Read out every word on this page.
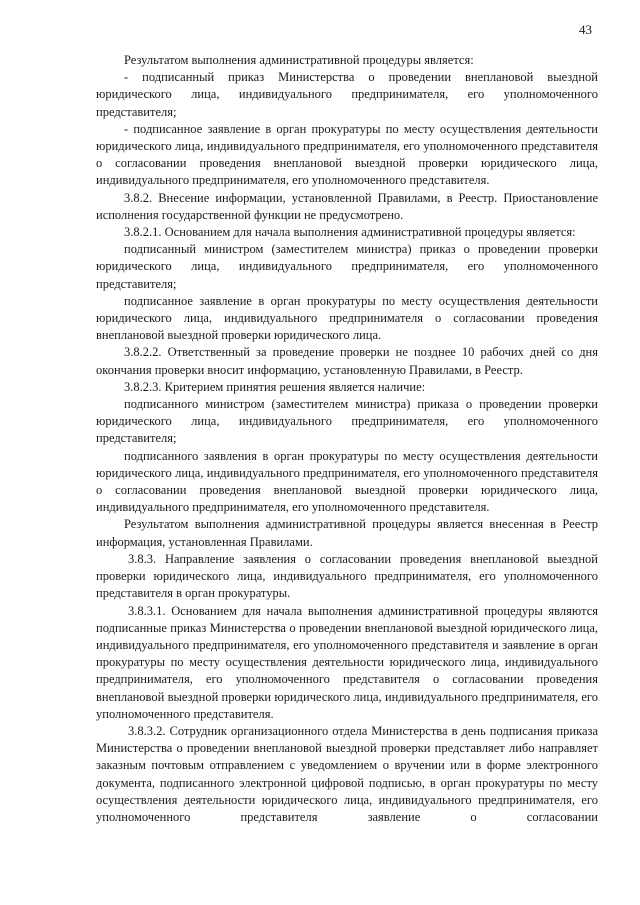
43

Результатом выполнения административной процедуры является:

- подписанный приказ Министерства о проведении внеплановой выездной юридического лица, индивидуального предпринимателя, его уполномоченного представителя;

- подписанное заявление в орган прокуратуры по месту осуществления деятельности юридического лица, индивидуального предпринимателя, его уполномоченного представителя о согласовании проведения внеплановой выездной проверки юридического лица, индивидуального предпринимателя, его уполномоченного представителя.

3.8.2. Внесение информации, установленной Правилами, в Реестр. Приостановление исполнения государственной функции не предусмотрено.

3.8.2.1. Основанием для начала выполнения административной процедуры является:

подписанный министром (заместителем министра) приказ о проведении проверки юридического лица, индивидуального предпринимателя, его уполномоченного представителя;

подписанное заявление в орган прокуратуры по месту осуществления деятельности юридического лица, индивидуального предпринимателя о согласовании проведения внеплановой выездной проверки юридического лица.

3.8.2.2. Ответственный за проведение проверки не позднее 10 рабочих дней со дня окончания проверки вносит информацию, установленную Правилами, в Реестр.

3.8.2.3. Критерием принятия решения является наличие:

подписанного министром (заместителем министра) приказа о проведении проверки юридического лица, индивидуального предпринимателя, его уполномоченного представителя;

подписанного заявления в орган прокуратуры по месту осуществления деятельности юридического лица, индивидуального предпринимателя, его уполномоченного представителя о согласовании проведения внеплановой выездной проверки юридического лица, индивидуального предпринимателя, его уполномоченного представителя.

Результатом выполнения административной процедуры является внесенная в Реестр информация, установленная Правилами.

3.8.3. Направление заявления о согласовании проведения внеплановой выездной проверки юридического лица, индивидуального предпринимателя, его уполномоченного представителя в орган прокуратуры.

3.8.3.1. Основанием для начала выполнения административной процедуры являются подписанные приказ Министерства о проведении внеплановой выездной юридического лица, индивидуального предпринимателя, его уполномоченного представителя и заявление в орган прокуратуры по месту осуществления деятельности юридического лица, индивидуального предпринимателя, его уполномоченного представителя о согласовании проведения внеплановой выездной проверки юридического лица, индивидуального предпринимателя, его уполномоченного представителя.

3.8.3.2. Сотрудник организационного отдела Министерства в день подписания приказа Министерства о проведении внеплановой выездной проверки представляет либо направляет заказным почтовым отправлением с уведомлением о вручении или в форме электронного документа, подписанного электронной цифровой подписью, в орган прокуратуры по месту осуществления деятельности юридического лица, индивидуального предпринимателя, его уполномоченного представителя заявление о согласовании
